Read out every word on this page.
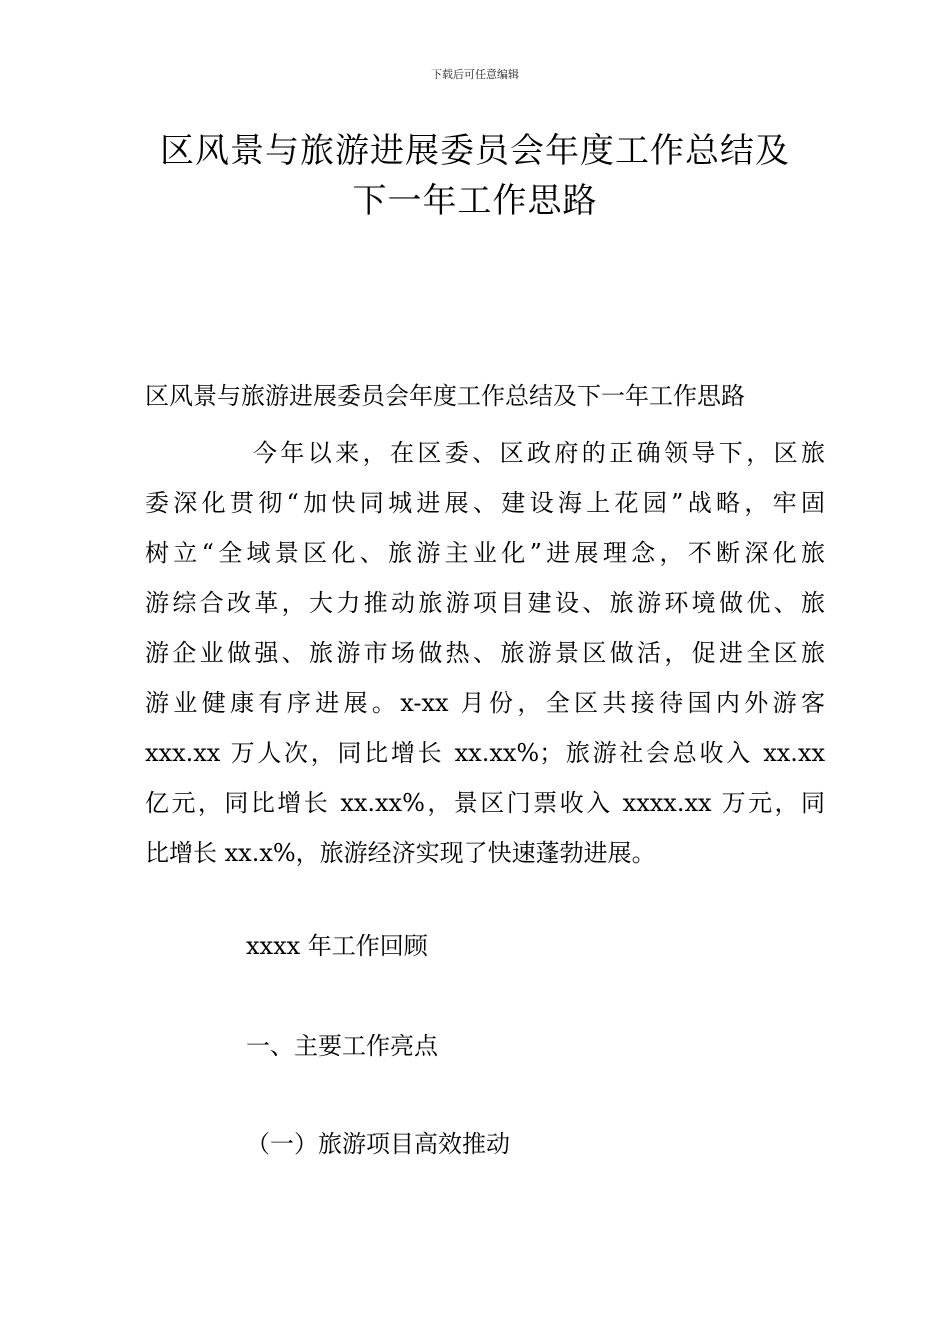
下载后可任意编辑
区风景与旅游进展委员会年度工作总结及
下一年工作思路
区风景与旅游进展委员会年度工作总结及下一年工作思路
今年以来，在区委、区政府的正确领导下，区旅
委深化贯彻“加快同城进展、建设海上花园”战略，牢固
树立“全域景区化、旅游主业化”进展理念，不断深化旅
游综合改革，大力推动旅游项目建设、旅游环境做优、旅
游企业做强、旅游市场做热、旅游景区做活，促进全区旅
游业健康有序进展。x-xx 月份，全区共接待国内外游客
xxx.xx 万人次，同比增长 xx.xx%；旅游社会总收入 xx.xx
亿元，同比增长 xx.xx%，景区门票收入 xxxx.xx 万元，同
比增长 xx.x%，旅游经济实现了快速蓬勃进展。
xxxx 年工作回顾
一、主要工作亮点
（一）旅游项目高效推动
